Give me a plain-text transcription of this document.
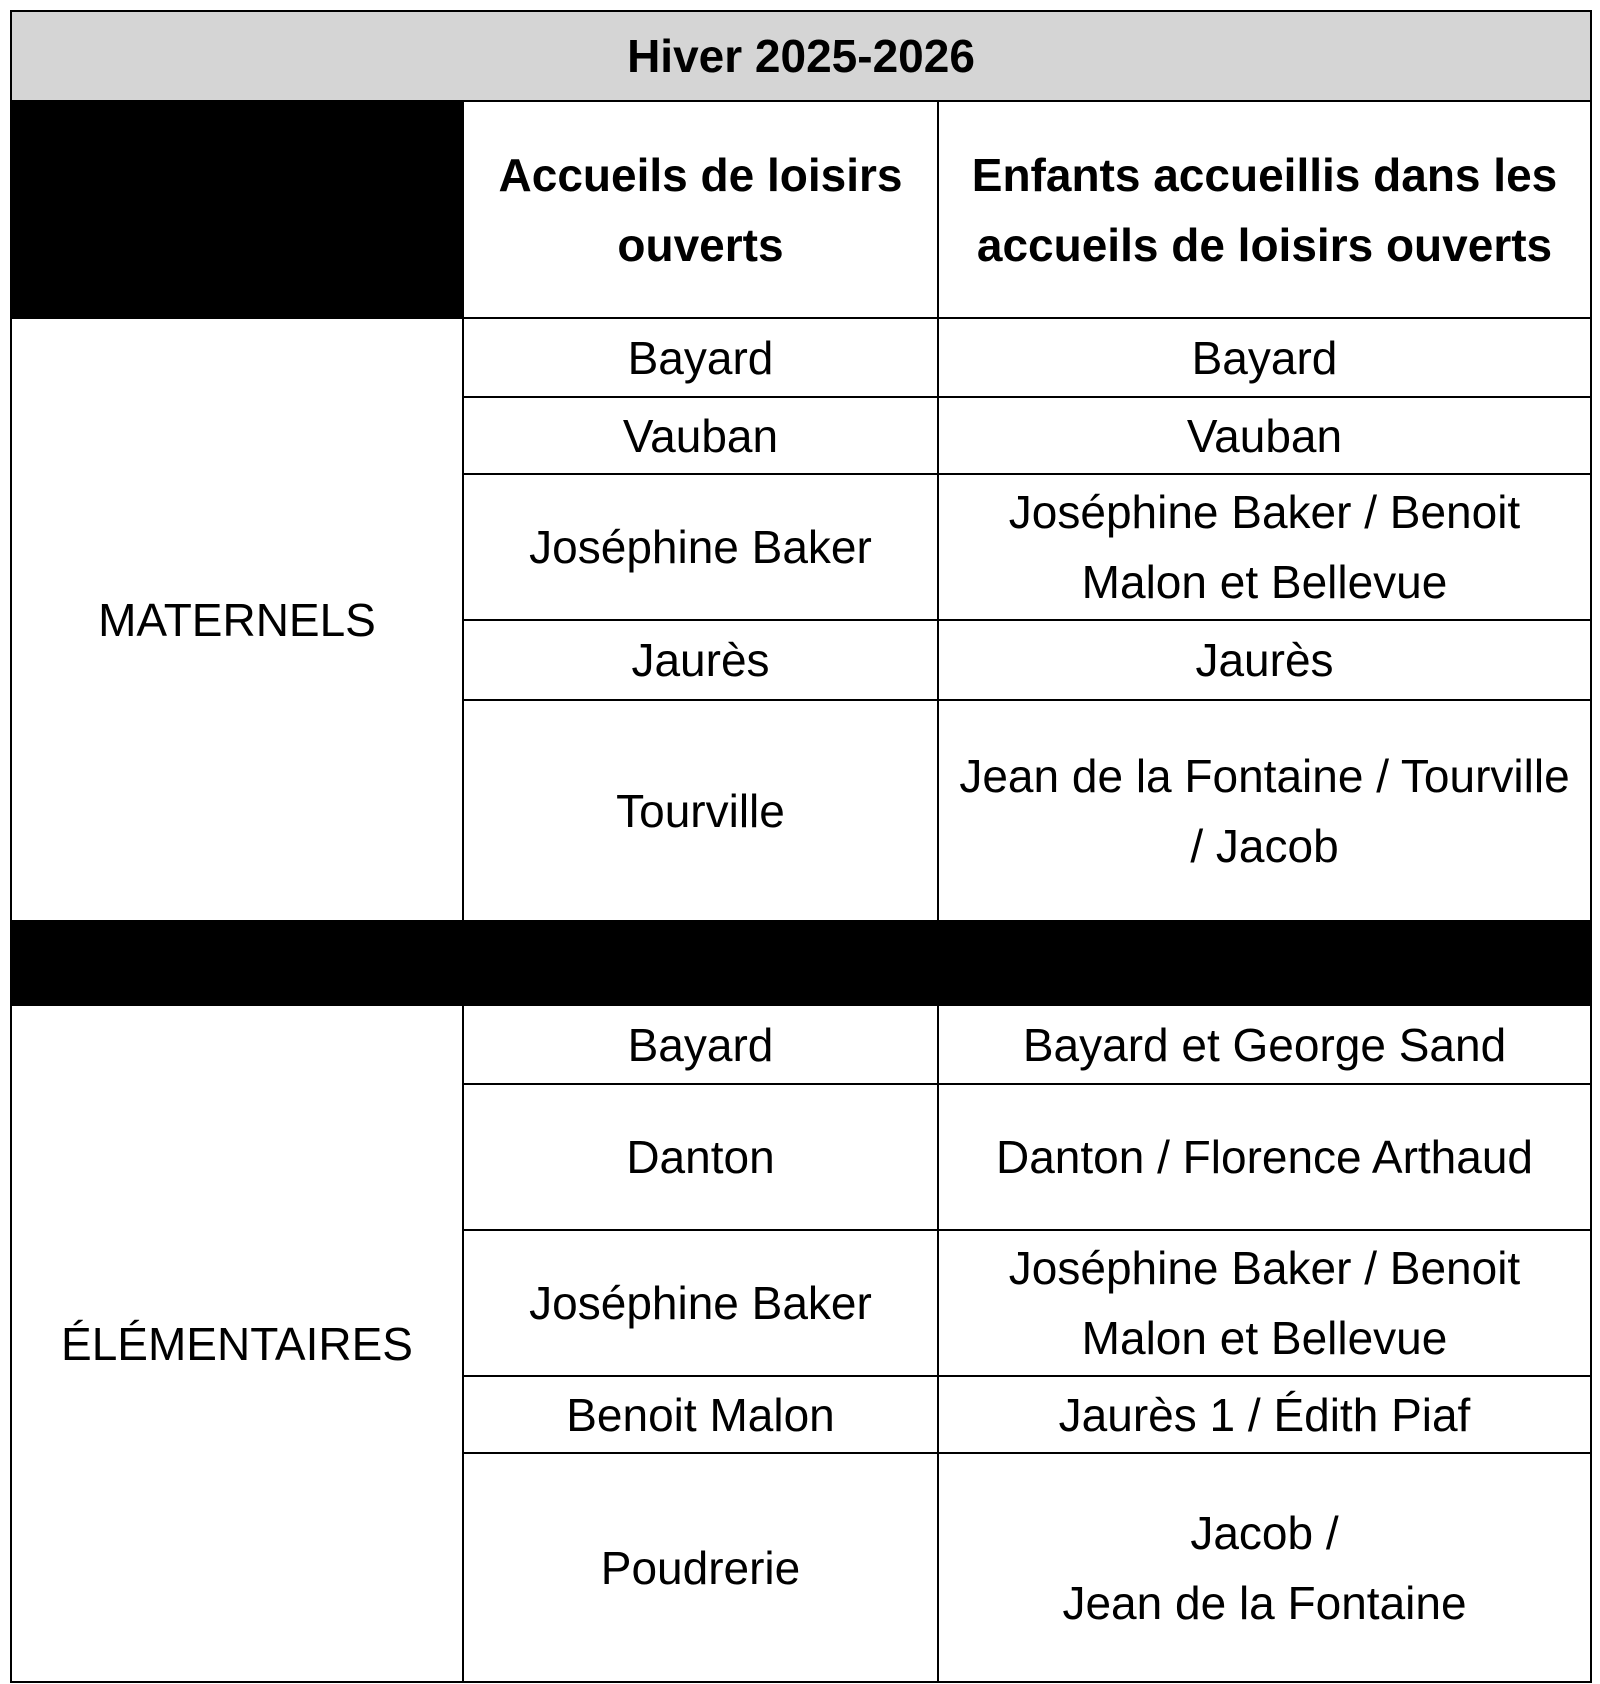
Hiver 2025-2026		
	Accueils de loisirs ouverts	Enfants accueillis dans les accueils de loisirs ouverts
MATERNELS	Bayard	Bayard

	Vauban	Vauban

	Joséphine Baker	Joséphine Baker / Benoit Malon et Bellevue

	Jaurès	Jaurès

	Tourville	Jean de la Fontaine / Tourville / Jacob

ÉLÉMENTAIRES	Bayard	Bayard et George Sand

	Danton	Danton / Florence Arthaud

	Joséphine Baker	Joséphine Baker / Benoit Malon et Bellevue

	Benoit Malon	Jaurès 1 / Édith Piaf

	Poudrerie	Jacob /
Jean de la Fontaine
